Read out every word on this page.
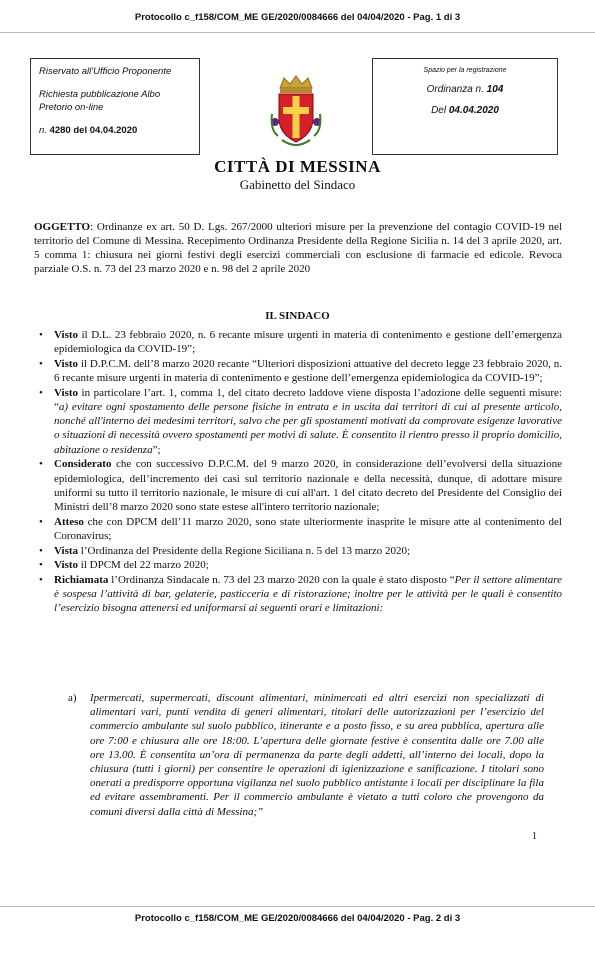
Protocollo c_f158/COM_ME GE/2020/0084666 del 04/04/2020 - Pag. 1 di 3
Riservato all'Ufficio Proponente
Richiesta pubblicazione Albo
Pretorio on-line
n. 4280 del 04.04.2020
Spazio per la registrazione
Ordinanza n. 104
Del 04.04.2020
CITTÀ DI MESSINA
Gabinetto del Sindaco
OGGETTO: Ordinanze ex art. 50 D. Lgs. 267/2000 ulteriori misure per la prevenzione del contagio COVID-19 nel territorio del Comune di Messina. Recepimento Ordinanza Presidente della Regione Sicilia n. 14 del 3 aprile 2020, art. 5 comma 1: chiusura nei giorni festivi degli esercizi commerciali con esclusione di farmacie ed edicole. Revoca parziale O.S. n. 73 del 23 marzo 2020 e n. 98 del 2 aprile 2020
IL SINDACO
• Visto il D.L. 23 febbraio 2020, n. 6 recante misure urgenti in materia di contenimento e gestione dell’emergenza epidemiologica da COVID-19”;
• Visto il D.P.C.M. dell’8 marzo 2020 recante “Ulteriori disposizioni attuative del decreto legge 23 febbraio 2020, n. 6 recante misure urgenti in materia di contenimento e gestione dell’emergenza epidemiologica da COVID-19”;
• Visto in particolare l’art. 1, comma 1, del citato decreto laddove viene disposta l’adozione delle seguenti misure: “a) evitare ogni spostamento delle persone fisiche in entrata e in uscita dai territori di cui al presente articolo, nonché all'interno dei medesimi territori, salvo che per gli spostamenti motivati da comprovate esigenze lavorative o situazioni di necessità ovvero spostamenti per motivi di salute. È consentito il rientro presso il proprio domicilio, abitazione o residenza”;
• Considerato che con successivo D.P.C.M. del 9 marzo 2020, in considerazione dell’evolversi della situazione epidemiologica, dell’incremento dei casi sul territorio nazionale e della necessità, dunque, di adottare misure uniformi su tutto il territorio nazionale, le misure di cui all'art. 1 del citato decreto del Presidente del Consiglio dei Ministri dell’8 marzo 2020 sono state estese all'intero territorio nazionale;
• Atteso che con DPCM dell’11 marzo 2020, sono state ulteriormente inasprite le misure atte al contenimento del Coronavirus;
• Vista l’Ordinanza del Presidente della Regione Siciliana n. 5 del 13 marzo 2020;
• Visto il DPCM del 22 marzo 2020;
• Richiamata l’Ordinanza Sindacale n. 73 del 23 marzo 2020 con la quale è stato disposto “Per il settore alimentare è sospesa l’attività di bar, gelaterie, pasticceria e di ristorazione; inoltre per le attività per le quali è consentito l’esercizio bisogna attenersi ed uniformarsi ai seguenti orari e limitazioni:
a) Ipermercati, supermercati, discount alimentari, minimercati ed altri esercizi non specializzati di alimentari vari, punti vendita di generi alimentari, titolari delle autorizzazioni per l’esercizio del commercio ambulante sul suolo pubblico, itinerante e a posto fisso, e su area pubblica, apertura alle ore 7:00 e chiusura alle ore 18:00. L’apertura delle giornate festive è consentita dalle ore 7.00 alle ore 13.00. È consentita un’ora di permanenza da parte degli addetti, all’interno dei locali, dopo la chiusura (tutti i giorni) per consentire le operazioni di igienizzazione e sanificazione. I titolari sono onerati a predisporre opportuna vigilanza nel suolo pubblico antistante i locali per disciplinare la fila ed evitare assembramenti. Per il commercio ambulante è vietato a tutti coloro che provengono da comuni diversi dalla città di Messina;”
1
Protocollo c_f158/COM_ME GE/2020/0084666 del 04/04/2020 - Pag. 2 di 3
